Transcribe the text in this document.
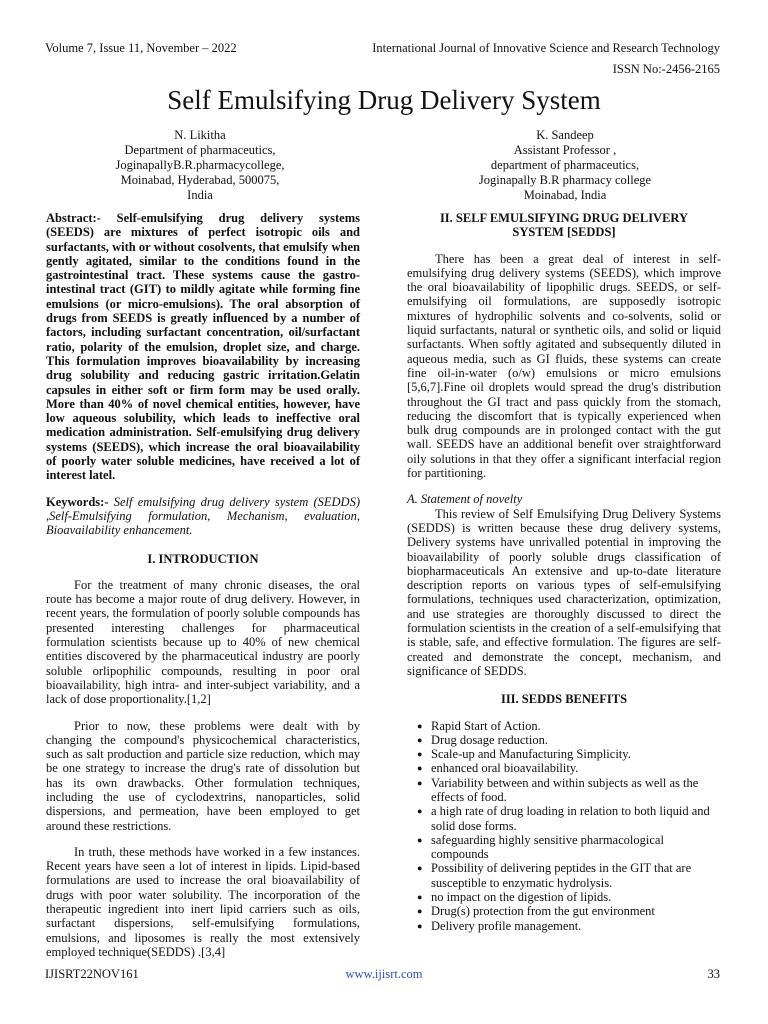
Volume 7, Issue 11, November – 2022	International Journal of Innovative Science and Research Technology
ISSN No:-2456-2165
Self Emulsifying Drug Delivery System
N. Likitha
Department of pharmaceutics,
JoginapallyB.R.pharmacycollege,
Moinabad, Hyderabad, 500075,
India
K. Sandeep
Assistant Professor ,
department of pharmaceutics,
Joginapally B.R pharmacy college
Moinabad, India

Abstract:- Self-emulsifying drug delivery systems (SEEDS) are mixtures of perfect isotropic oils and surfactants, with or without cosolvents, that emulsify when gently agitated, similar to the conditions found in the gastrointestinal tract. These systems cause the gastro-intestinal tract (GIT) to mildly agitate while forming fine emulsions (or micro-emulsions). The oral absorption of drugs from SEEDS is greatly influenced by a number of factors, including surfactant concentration, oil/surfactant ratio, polarity of the emulsion, droplet size, and charge. This formulation improves bioavailability by increasing drug solubility and reducing gastric irritation.Gelatin capsules in either soft or firm form may be used orally. More than 40% of novel chemical entities, however, have low aqueous solubility, which leads to ineffective oral medication administration. Self-emulsifying drug delivery systems (SEEDS), which increase the oral bioavailability of poorly water soluble medicines, have received a lot of interest latel.

Keywords:- Self emulsifying drug delivery system (SEDDS) ,Self-Emulsifying formulation, Mechanism, evaluation, Bioavailability enhancement.

I. INTRODUCTION

For the treatment of many chronic diseases, the oral route has become a major route of drug delivery. However, in recent years, the formulation of poorly soluble compounds has presented interesting challenges for pharmaceutical formulation scientists because up to 40% of new chemical entities discovered by the pharmaceutical industry are poorly soluble orlipophilic compounds, resulting in poor oral bioavailability, high intra- and inter-subject variability, and a lack of dose proportionality.[1,2]

Prior to now, these problems were dealt with by changing the compound's physicochemical characteristics, such as salt production and particle size reduction, which may be one strategy to increase the drug's rate of dissolution but has its own drawbacks. Other formulation techniques, including the use of cyclodextrins, nanoparticles, solid dispersions, and permeation, have been employed to get around these restrictions.

In truth, these methods have worked in a few instances. Recent years have seen a lot of interest in lipids. Lipid-based formulations are used to increase the oral bioavailability of drugs with poor water solubility. The incorporation of the therapeutic ingredient into inert lipid carriers such as oils, surfactant dispersions, self-emulsifying formulations, emulsions, and liposomes is really the most extensively employed technique(SEDDS) .[3,4]

II. SELF EMULSIFYING DRUG DELIVERY
SYSTEM [SEDDS]

There has been a great deal of interest in self-emulsifying drug delivery systems (SEEDS), which improve the oral bioavailability of lipophilic drugs. SEEDS, or self-emulsifying oil formulations, are supposedly isotropic mixtures of hydrophilic solvents and co-solvents, solid or liquid surfactants, natural or synthetic oils, and solid or liquid surfactants. When softly agitated and subsequently diluted in aqueous media, such as GI fluids, these systems can create fine oil-in-water (o/w) emulsions or micro emulsions [5,6,7].Fine oil droplets would spread the drug's distribution throughout the GI tract and pass quickly from the stomach, reducing the discomfort that is typically experienced when bulk drug compounds are in prolonged contact with the gut wall. SEEDS have an additional benefit over straightforward oily solutions in that they offer a significant interfacial region for partitioning.

A. Statement of novelty

This review of Self Emulsifying Drug Delivery Systems (SEDDS) is written because these drug delivery systems, Delivery systems have unrivalled potential in improving the bioavailability of poorly soluble drugs classification of biopharmaceuticals An extensive and up-to-date literature description reports on various types of self-emulsifying formulations, techniques used characterization, optimization, and use strategies are thoroughly discussed to direct the formulation scientists in the creation of a self-emulsifying that is stable, safe, and effective formulation. The figures are self-created and demonstrate the concept, mechanism, and significance of SEDDS.

III. SEDDS BENEFITS
● Rapid Start of Action.
● Drug dosage reduction.
● Scale-up and Manufacturing Simplicity.
● enhanced oral bioavailability.
● Variability between and within subjects as well as the effects of food.
● a high rate of drug loading in relation to both liquid and solid dose forms.
● safeguarding highly sensitive pharmacological compounds
● Possibility of delivering peptides in the GIT that are susceptible to enzymatic hydrolysis.
● no impact on the digestion of lipids.
● Drug(s) protection from the gut environment
● Delivery profile management.
IJISRT22NOV161	www.ijisrt.com	33
